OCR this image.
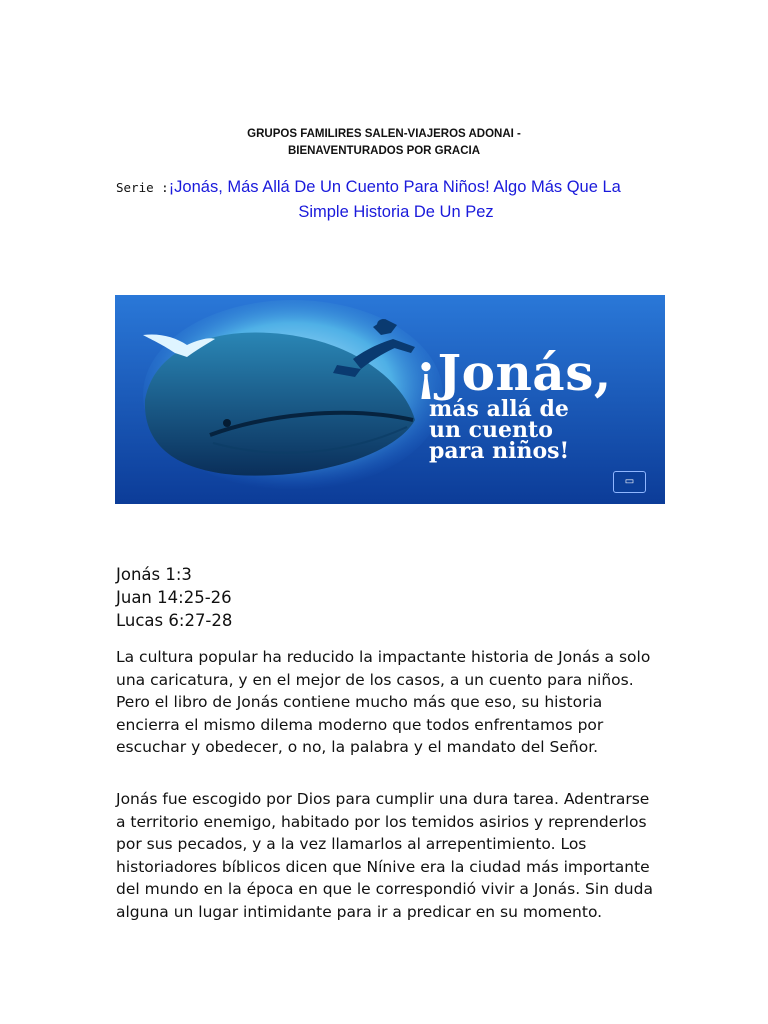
GRUPOS FAMILIRES SALEN-VIAJEROS ADONAI -
BIENAVENTURADOS POR GRACIA
Serie :¡Jonás, Más Allá De Un Cuento Para Niños! Algo Más Que La
Simple Historia De Un Pez
¡Jonás,
más allá de
un cuento
para niños!
▭
Jonás 1:3
Juan 14:25-26
Lucas 6:27-28
La cultura popular ha reducido la impactante historia de Jonás a solo una caricatura, y en el mejor de los casos, a un cuento para niños. Pero el libro de Jonás contiene mucho más que eso, su historia encierra el mismo dilema moderno que todos enfrentamos por escuchar y obedecer, o no, la palabra y el mandato del Señor.
Jonás fue escogido por Dios para cumplir una dura tarea. Adentrarse a territorio enemigo, habitado por los temidos asirios y reprenderlos por sus pecados, y a la vez llamarlos al arrepentimiento. Los historiadores bíblicos dicen que Nínive era la ciudad más importante del mundo en la época en que le correspondió vivir a Jonás. Sin duda alguna un lugar intimidante para ir a predicar en su momento.
